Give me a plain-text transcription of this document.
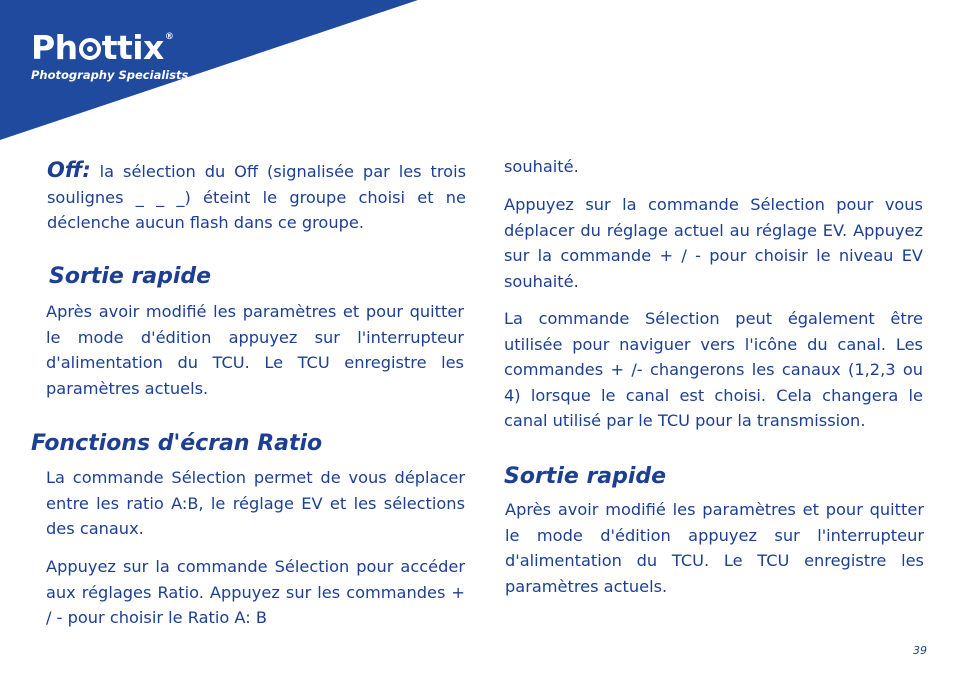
Ph ttix®
Photography Specialists

Off: la sélection du Off (signalisée par les trois soulignes _ _ _) éteint le groupe choisi et ne déclenche aucun flash dans ce groupe.

Sortie rapide

Après avoir modifié les paramètres et pour quitter le mode d'édition appuyez sur l'interrupteur d'alimentation du TCU. Le TCU enregistre les paramètres actuels.

Fonctions d'écran Ratio

La commande Sélection permet de vous déplacer entre les ratio A:B, le réglage EV et les sélections des canaux.

Appuyez sur la commande Sélection pour accéder aux réglages Ratio. Appuyez sur les commandes + / - pour choisir le Ratio A: B

souhaité.

Appuyez sur la commande Sélection pour vous déplacer du réglage actuel au réglage EV. Appuyez sur la commande + / - pour choisir le niveau EV souhaité.

La commande Sélection peut également être utilisée pour naviguer vers l'icône du canal. Les commandes + /- changerons les canaux (1,2,3 ou 4) lorsque le canal est choisi. Cela changera le canal utilisé par le TCU pour la transmission.

Sortie rapide

Après avoir modifié les paramètres et pour quitter le mode d'édition appuyez sur l'interrupteur d'alimentation du TCU. Le TCU enregistre les paramètres actuels.

39
